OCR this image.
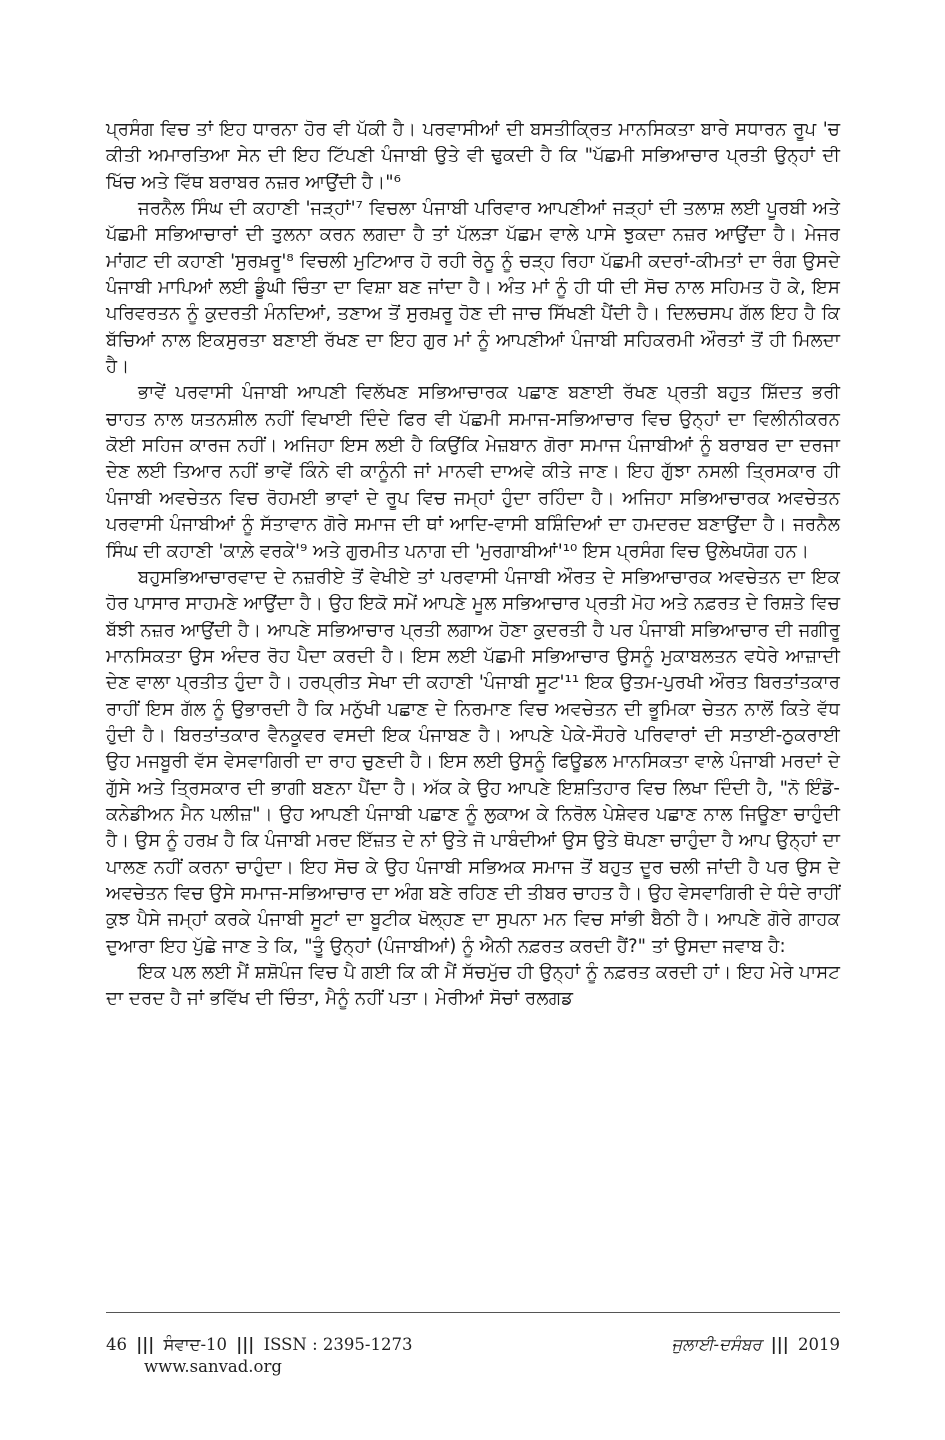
ਪ੍ਰਸੰਗ ਵਿਚ ਤਾਂ ਇਹ ਧਾਰਨਾ ਹੋਰ ਵੀ ਪੱਕੀ ਹੈ। ਪਰਵਾਸੀਆਂ ਦੀ ਬਸਤੀਕ੍ਰਿਤ ਮਾਨਸਿਕਤਾ ਬਾਰੇ ਸਧਾਰਨ ਰੂਪ 'ਚ ਕੀਤੀ ਅਮਾਰਤਿਆ ਸੇਨ ਦੀ ਇਹ ਟਿੱਪਣੀ ਪੰਜਾਬੀ ਉਤੇ ਵੀ ਢੁਕਦੀ ਹੈ ਕਿ "ਪੱਛਮੀ ਸਭਿਆਚਾਰ ਪ੍ਰਤੀ ਉਨ੍ਹਾਂ ਦੀ ਖਿੱਚ ਅਤੇ ਵਿੱਥ ਬਰਾਬਰ ਨਜ਼ਰ ਆਉਂਦੀ ਹੈ।"⁶

ਜਰਨੈਲ ਸਿੰਘ ਦੀ ਕਹਾਣੀ 'ਜੜ੍ਹਾਂ'⁷ ਵਿਚਲਾ ਪੰਜਾਬੀ ਪਰਿਵਾਰ ਆਪਣੀਆਂ ਜੜ੍ਹਾਂ ਦੀ ਤਲਾਸ਼ ਲਈ ਪੂਰਬੀ ਅਤੇ ਪੱਛਮੀ ਸਭਿਆਚਾਰਾਂ ਦੀ ਤੁਲਨਾ ਕਰਨ ਲਗਦਾ ਹੈ ਤਾਂ ਪੱਲੜਾ ਪੱਛਮ ਵਾਲੇ ਪਾਸੇ ਝੁਕਦਾ ਨਜ਼ਰ ਆਉਂਦਾ ਹੈ। ਮੇਜਰ ਮਾਂਗਟ ਦੀ ਕਹਾਣੀ 'ਸੁਰਖ਼ਰੂ'⁸ ਵਿਚਲੀ ਮੁਟਿਆਰ ਹੋ ਰਹੀ ਰੇਨੂ ਨੂੰ ਚੜ੍ਹ ਰਿਹਾ ਪੱਛਮੀ ਕਦਰਾਂ-ਕੀਮਤਾਂ ਦਾ ਰੰਗ ਉਸਦੇ ਪੰਜਾਬੀ ਮਾਪਿਆਂ ਲਈ ਡੂੰਘੀ ਚਿੰਤਾ ਦਾ ਵਿਸ਼ਾ ਬਣ ਜਾਂਦਾ ਹੈ। ਅੰਤ ਮਾਂ ਨੂੰ ਹੀ ਧੀ ਦੀ ਸੋਚ ਨਾਲ ਸਹਿਮਤ ਹੋ ਕੇ, ਇਸ ਪਰਿਵਰਤਨ ਨੂੰ ਕੁਦਰਤੀ ਮੰਨਦਿਆਂ, ਤਣਾਅ ਤੋਂ ਸੁਰਖ਼ਰੂ ਹੋਣ ਦੀ ਜਾਚ ਸਿੱਖਣੀ ਪੈਂਦੀ ਹੈ। ਦਿਲਚਸਪ ਗੱਲ ਇਹ ਹੈ ਕਿ ਬੱਚਿਆਂ ਨਾਲ ਇਕਸੁਰਤਾ ਬਣਾਈ ਰੱਖਣ ਦਾ ਇਹ ਗੁਰ ਮਾਂ ਨੂੰ ਆਪਣੀਆਂ ਪੰਜਾਬੀ ਸਹਿਕਰਮੀ ਔਰਤਾਂ ਤੋਂ ਹੀ ਮਿਲਦਾ ਹੈ।

ਭਾਵੇਂ ਪਰਵਾਸੀ ਪੰਜਾਬੀ ਆਪਣੀ ਵਿਲੱਖਣ ਸਭਿਆਚਾਰਕ ਪਛਾਣ ਬਣਾਈ ਰੱਖਣ ਪ੍ਰਤੀ ਬਹੁਤ ਸ਼ਿੱਦਤ ਭਰੀ ਚਾਹਤ ਨਾਲ ਯਤਨਸ਼ੀਲ ਨਹੀਂ ਵਿਖਾਈ ਦਿੰਦੇ ਫਿਰ ਵੀ ਪੱਛਮੀ ਸਮਾਜ-ਸਭਿਆਚਾਰ ਵਿਚ ਉਨ੍ਹਾਂ ਦਾ ਵਿਲੀਨੀਕਰਨ ਕੋਈ ਸਹਿਜ ਕਾਰਜ ਨਹੀਂ। ਅਜਿਹਾ ਇਸ ਲਈ ਹੈ ਕਿਉਂਕਿ ਮੇਜ਼ਬਾਨ ਗੋਰਾ ਸਮਾਜ ਪੰਜਾਬੀਆਂ ਨੂੰ ਬਰਾਬਰ ਦਾ ਦਰਜਾ ਦੇਣ ਲਈ ਤਿਆਰ ਨਹੀਂ ਭਾਵੇਂ ਕਿੰਨੇ ਵੀ ਕਾਨੂੰਨੀ ਜਾਂ ਮਾਨਵੀ ਦਾਅਵੇ ਕੀਤੇ ਜਾਣ। ਇਹ ਗੁੱਝਾ ਨਸਲੀ ਤ੍ਰਿਸਕਾਰ ਹੀ ਪੰਜਾਬੀ ਅਵਚੇਤਨ ਵਿਚ ਰੋਹਮਈ ਭਾਵਾਂ ਦੇ ਰੂਪ ਵਿਚ ਜਮ੍ਹਾਂ ਹੁੰਦਾ ਰਹਿੰਦਾ ਹੈ। ਅਜਿਹਾ ਸਭਿਆਚਾਰਕ ਅਵਚੇਤਨ ਪਰਵਾਸੀ ਪੰਜਾਬੀਆਂ ਨੂੰ ਸੱਤਾਵਾਨ ਗੋਰੇ ਸਮਾਜ ਦੀ ਥਾਂ ਆਦਿ-ਵਾਸੀ ਬਸ਼ਿੰਦਿਆਂ ਦਾ ਹਮਦਰਦ ਬਣਾਉਂਦਾ ਹੈ। ਜਰਨੈਲ ਸਿੰਘ ਦੀ ਕਹਾਣੀ 'ਕਾਲ਼ੇ ਵਰਕੇ'⁹ ਅਤੇ ਗੁਰਮੀਤ ਪਨਾਗ ਦੀ 'ਮੁਰਗਾਬੀਆਂ'¹⁰ ਇਸ ਪ੍ਰਸੰਗ ਵਿਚ ਉਲੇਖਯੋਗ ਹਨ।

ਬਹੁਸਭਿਆਚਾਰਵਾਦ ਦੇ ਨਜ਼ਰੀਏ ਤੋਂ ਵੇਖੀਏ ਤਾਂ ਪਰਵਾਸੀ ਪੰਜਾਬੀ ਔਰਤ ਦੇ ਸਭਿਆਚਾਰਕ ਅਵਚੇਤਨ ਦਾ ਇਕ ਹੋਰ ਪਾਸਾਰ ਸਾਹਮਣੇ ਆਉਂਦਾ ਹੈ। ਉਹ ਇਕੋ ਸਮੇਂ ਆਪਣੇ ਮੂਲ ਸਭਿਆਚਾਰ ਪ੍ਰਤੀ ਮੋਹ ਅਤੇ ਨਫ਼ਰਤ ਦੇ ਰਿਸ਼ਤੇ ਵਿਚ ਬੱਝੀ ਨਜ਼ਰ ਆਉਂਦੀ ਹੈ। ਆਪਣੇ ਸਭਿਆਚਾਰ ਪ੍ਰਤੀ ਲਗਾਅ ਹੋਣਾ ਕੁਦਰਤੀ ਹੈ ਪਰ ਪੰਜਾਬੀ ਸਭਿਆਚਾਰ ਦੀ ਜਗੀਰੂ ਮਾਨਸਿਕਤਾ ਉਸ ਅੰਦਰ ਰੋਹ ਪੈਦਾ ਕਰਦੀ ਹੈ। ਇਸ ਲਈ ਪੱਛਮੀ ਸਭਿਆਚਾਰ ਉਸਨੂੰ ਮੁਕਾਬਲਤਨ ਵਧੇਰੇ ਆਜ਼ਾਦੀ ਦੇਣ ਵਾਲਾ ਪ੍ਰਤੀਤ ਹੁੰਦਾ ਹੈ। ਹਰਪ੍ਰੀਤ ਸੇਖਾ ਦੀ ਕਹਾਣੀ 'ਪੰਜਾਬੀ ਸੂਟ'¹¹ ਇਕ ਉਤਮ-ਪੁਰਖੀ ਔਰਤ ਬਿਰਤਾਂਤਕਾਰ ਰਾਹੀਂ ਇਸ ਗੱਲ ਨੂੰ ਉਭਾਰਦੀ ਹੈ ਕਿ ਮਨੁੱਖੀ ਪਛਾਣ ਦੇ ਨਿਰਮਾਣ ਵਿਚ ਅਵਚੇਤਨ ਦੀ ਭੂਮਿਕਾ ਚੇਤਨ ਨਾਲੋਂ ਕਿਤੇ ਵੱਧ ਹੁੰਦੀ ਹੈ। ਬਿਰਤਾਂਤਕਾਰ ਵੈਨਕੂਵਰ ਵਸਦੀ ਇਕ ਪੰਜਾਬਣ ਹੈ। ਆਪਣੇ ਪੇਕੇ-ਸੌਹਰੇ ਪਰਿਵਾਰਾਂ ਦੀ ਸਤਾਈ-ਠੁਕਰਾਈ ਉਹ ਮਜਬੂਰੀ ਵੱਸ ਵੇਸਵਾਗਿਰੀ ਦਾ ਰਾਹ ਚੁਣਦੀ ਹੈ। ਇਸ ਲਈ ਉਸਨੂੰ ਫਿਊਡਲ ਮਾਨਸਿਕਤਾ ਵਾਲੇ ਪੰਜਾਬੀ ਮਰਦਾਂ ਦੇ ਗੁੱਸੇ ਅਤੇ ਤ੍ਰਿਸਕਾਰ ਦੀ ਭਾਗੀ ਬਣਨਾ ਪੈਂਦਾ ਹੈ। ਅੱਕ ਕੇ ਉਹ ਆਪਣੇ ਇਸ਼ਤਿਹਾਰ ਵਿਚ ਲਿਖਾ ਦਿੰਦੀ ਹੈ, "ਨੋ ਇੰਡੋ-ਕਨੇਡੀਅਨ ਮੈਨ ਪਲੀਜ਼"। ਉਹ ਆਪਣੀ ਪੰਜਾਬੀ ਪਛਾਣ ਨੂੰ ਲੁਕਾਅ ਕੇ ਨਿਰੋਲ ਪੇਸ਼ੇਵਰ ਪਛਾਣ ਨਾਲ ਜਿਊਣਾ ਚਾਹੁੰਦੀ ਹੈ। ਉਸ ਨੂੰ ਹਰਖ਼ ਹੈ ਕਿ ਪੰਜਾਬੀ ਮਰਦ ਇੱਜ਼ਤ ਦੇ ਨਾਂ ਉਤੇ ਜੋ ਪਾਬੰਦੀਆਂ ਉਸ ਉਤੇ ਥੋਪਣਾ ਚਾਹੁੰਦਾ ਹੈ ਆਪ ਉਨ੍ਹਾਂ ਦਾ ਪਾਲਣ ਨਹੀਂ ਕਰਨਾ ਚਾਹੁੰਦਾ। ਇਹ ਸੋਚ ਕੇ ਉਹ ਪੰਜਾਬੀ ਸਭਿਅਕ ਸਮਾਜ ਤੋਂ ਬਹੁਤ ਦੂਰ ਚਲੀ ਜਾਂਦੀ ਹੈ ਪਰ ਉਸ ਦੇ ਅਵਚੇਤਨ ਵਿਚ ਉਸੇ ਸਮਾਜ-ਸਭਿਆਚਾਰ ਦਾ ਅੰਗ ਬਣੇ ਰਹਿਣ ਦੀ ਤੀਬਰ ਚਾਹਤ ਹੈ। ਉਹ ਵੇਸਵਾਗਿਰੀ ਦੇ ਧੰਦੇ ਰਾਹੀਂ ਕੁਝ ਪੈਸੇ ਜਮ੍ਹਾਂ ਕਰਕੇ ਪੰਜਾਬੀ ਸੂਟਾਂ ਦਾ ਬੂਟੀਕ ਖੋਲ੍ਹਣ ਦਾ ਸੁਪਨਾ ਮਨ ਵਿਚ ਸਾਂਭੀ ਬੈਠੀ ਹੈ। ਆਪਣੇ ਗੋਰੇ ਗਾਹਕ ਦੁਆਰਾ ਇਹ ਪੁੱਛੇ ਜਾਣ ਤੇ ਕਿ, "ਤੂੰ ਉਨ੍ਹਾਂ (ਪੰਜਾਬੀਆਂ) ਨੂੰ ਐਨੀ ਨਫ਼ਰਤ ਕਰਦੀ ਹੈਂ?" ਤਾਂ ਉਸਦਾ ਜਵਾਬ ਹੈ:

ਇਕ ਪਲ ਲਈ ਮੈਂ ਸ਼ਸ਼ੋਪੰਜ ਵਿਚ ਪੈ ਗਈ ਕਿ ਕੀ ਮੈਂ ਸੱਚਮੁੱਚ ਹੀ ਉਨ੍ਹਾਂ ਨੂੰ ਨਫ਼ਰਤ ਕਰਦੀ ਹਾਂ। ਇਹ ਮੇਰੇ ਪਾਸਟ ਦਾ ਦਰਦ ਹੈ ਜਾਂ ਭਵਿੱਖ ਦੀ ਚਿੰਤਾ, ਮੈਨੂੰ ਨਹੀਂ ਪਤਾ। ਮੇਰੀਆਂ ਸੋਚਾਂ ਰਲਗਡ

46 ||| ਸੰਵਾਦ-10 ||| ISSN : 2395-1273
www.sanvad.org
ਜੁਲਾਈ-ਦਸੰਬਰ ||| 2019
